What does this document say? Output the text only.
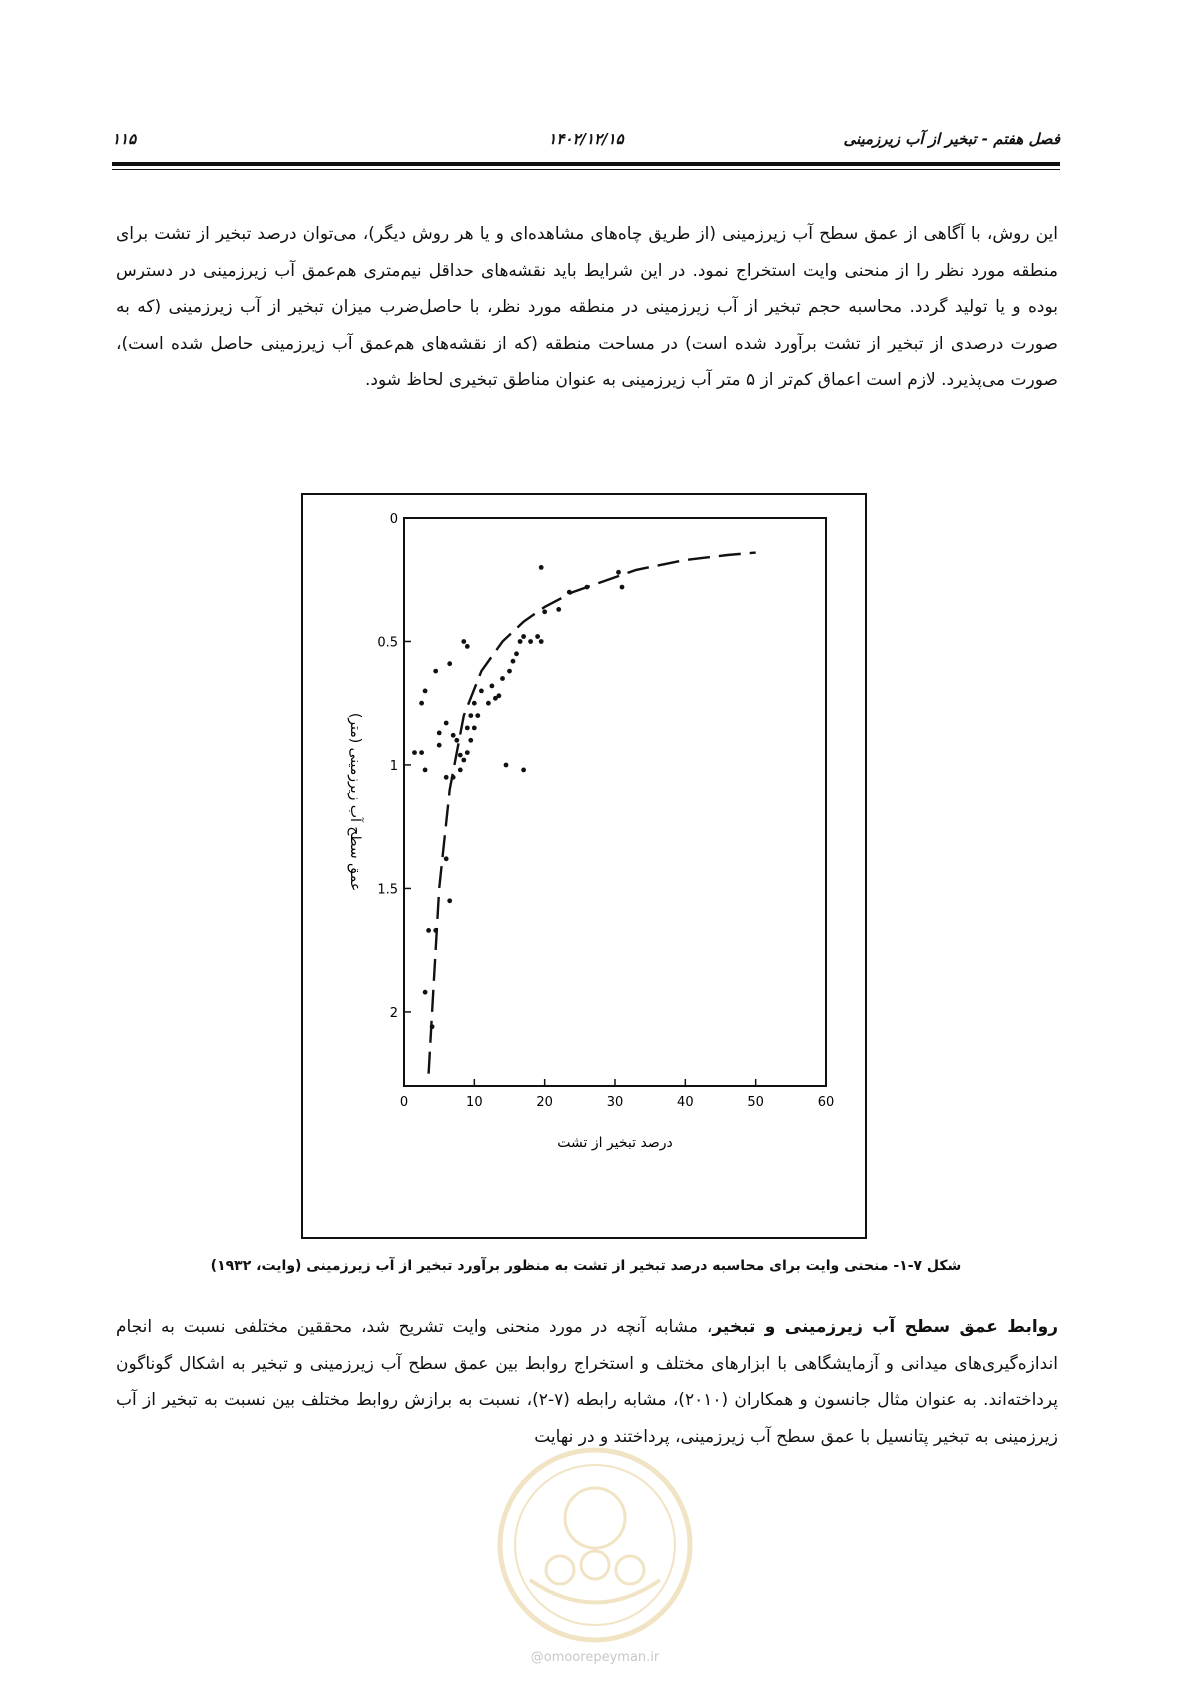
فصل هفتم - تبخیر از آب زیرزمینی
۱۴۰۲/۱۲/۱۵
۱۱۵
این روش، با آگاهی از عمق سطح آب زیرزمینی (از طریق چاه‌های مشاهده‌ای و یا هر روش دیگر)، می‌توان درصد تبخیر از تشت برای منطقه مورد نظر را از منحنی وایت استخراج نمود. در این شرایط باید نقشه‌های حداقل نیم‌متری هم‌عمق آب زیرزمینی در دسترس بوده و یا تولید گردد. محاسبه حجم تبخیر از آب زیرزمینی در منطقه مورد نظر، با حاصل‌ضرب میزان تبخیر از آب زیرزمینی (که به صورت درصدی از تبخیر از تشت برآورد شده است) در مساحت منطقه (که از نقشه‌های هم‌عمق آب زیرزمینی حاصل شده است)، صورت می‌پذیرد. لازم است اعماق کم‌تر از ۵ متر آب زیرزمینی به عنوان مناطق تبخیری لحاظ شود.
0	10	20	30	40	50	60
0
0.5
1
1.5
2
درصد تبخیر از تشت
عمق سطح آب زیرزمینی (متر)
شکل ۷-۱- منحنی وایت برای محاسبه درصد تبخیر از تشت به منظور برآورد تبخیر از آب زیرزمینی (وایت، ۱۹۳۲)
روابط عمق سطح آب زیرزمینی و تبخیر، مشابه آنچه در مورد منحنی وایت تشریح شد، محققین مختلفی نسبت به انجام اندازه‌گیری‌های میدانی و آزمایشگاهی با ابزارهای مختلف و استخراج روابط بین عمق سطح آب زیرزمینی و تبخیر به اشکال گوناگون پرداخته‌اند. به عنوان مثال جانسون و همکاران (۲۰۱۰)، مشابه رابطه (۷-۲)، نسبت به برازش روابط مختلف بین نسبت به تبخیر از آب زیرزمینی به تبخیر پتانسیل با عمق سطح آب زیرزمینی، پرداختند و در نهایت
@omoorepeyman.ir
